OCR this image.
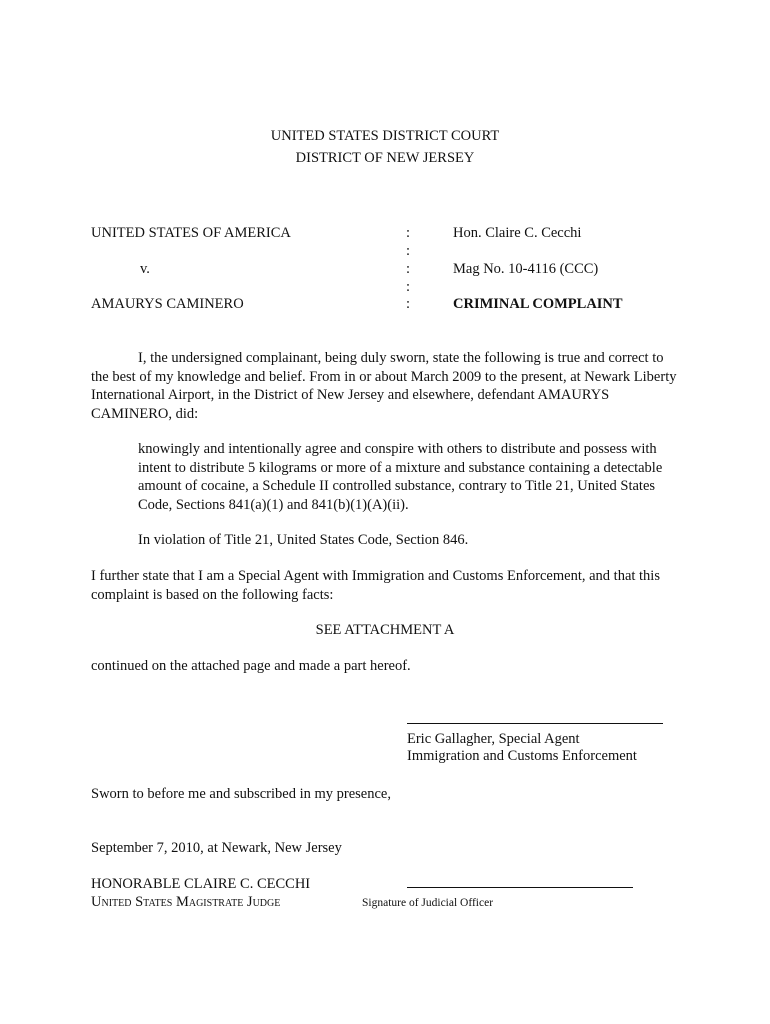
UNITED STATES DISTRICT COURT
DISTRICT OF NEW JERSEY
UNITED STATES OF AMERICA
v.
AMAURYS CAMINERO
:
:
:
:
:
Hon. Claire C. Cecchi
Mag No. 10-4116 (CCC)
CRIMINAL COMPLAINT
I, the undersigned complainant, being duly sworn, state the following is true and correct to the best of my knowledge and belief. From in or about March 2009 to the present, at Newark Liberty International Airport, in the District of New Jersey and elsewhere, defendant AMAURYS CAMINERO, did:
knowingly and intentionally agree and conspire with others to distribute and possess with intent to distribute 5 kilograms or more of a mixture and substance containing a detectable amount of cocaine, a Schedule II controlled substance, contrary to Title 21, United States Code, Sections 841(a)(1) and 841(b)(1)(A)(ii).
In violation of Title 21, United States Code, Section 846.
I further state that I am a Special Agent with Immigration and Customs Enforcement, and that this complaint is based on the following facts:
SEE ATTACHMENT A
continued on the attached page and made a part hereof.
Eric Gallagher, Special Agent
Immigration and Customs Enforcement
Sworn to before me and subscribed in my presence,
September 7, 2010, at Newark, New Jersey
HONORABLE CLAIRE C. CECCHI
United States Magistrate Judge	Signature of Judicial Officer
